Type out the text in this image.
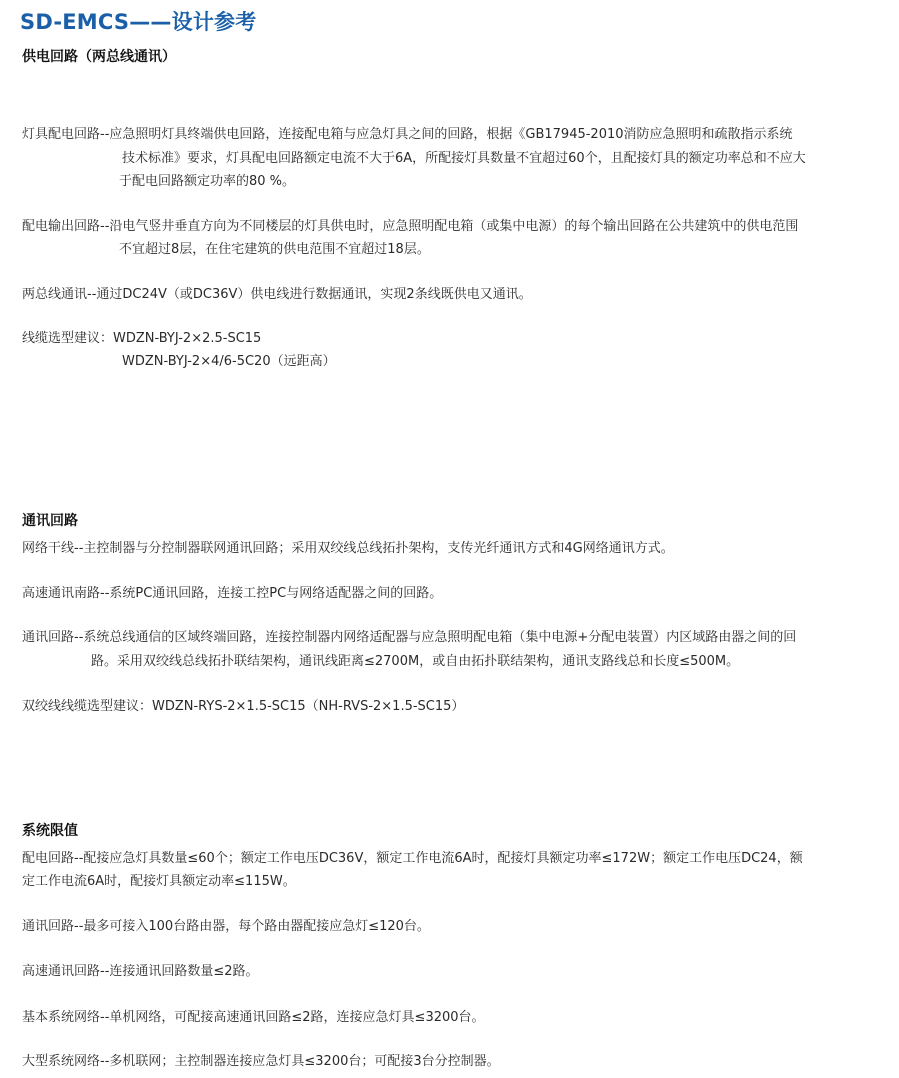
SD-EMCS——设计参考
供电回路（两总线通讯）
灯具配电回路--应急照明灯具终端供电回路，连接配电箱与应急灯具之间的回路，根据《GB17945-2010消防应急照明和疏散指示系统
技术标准》要求，灯具配电回路额定电流不大于6A，所配接灯具数量不宜超过60个，且配接灯具的额定功率总和不应大
于配电回路额定功率的80 %。
配电输出回路--沿电气竖井垂直方向为不同楼层的灯具供电时，应急照明配电箱（或集中电源）的每个输出回路在公共建筑中的供电范围
不宜超过8层，在住宅建筑的供电范围不宜超过18层。
两总线通讯--通过DC24V（或DC36V）供电线进行数据通讯，实现2条线既供电又通讯。
线缆选型建议：WDZN-BYJ-2×2.5-SC15
WDZN-BYJ-2×4/6-5C20（远距高）
通讯回路
网络干线--主控制器与分控制器联网通讯回路；采用双绞线总线拓扑架构，支传光纤通讯方式和4G网络通讯方式。
高速通讯南路--系统PC通讯回路，连接工控PC与网络适配器之间的回路。
通讯回路--系统总线通信的区域终端回路，连接控制器内网络适配器与应急照明配电箱（集中电源+分配电装置）内区域路由器之间的回
路。采用双绞线总线拓扑联结架构，通讯线距离≤2700M，或自由拓扑联结架构，通讯支路线总和长度≤500M。
双绞线线缆选型建议：WDZN-RYS-2×1.5-SC15（NH-RVS-2×1.5-SC15）
系统限值
配电回路--配接应急灯具数量≤60个；额定工作电压DC36V，额定工作电流6A时，配接灯具额定功率≤172W；额定工作电压DC24，额
定工作电流6A时，配接灯具额定动率≤115W。
通讯回路--最多可接入100台路由器，每个路由器配接应急灯≤120台。
高速通讯回路--连接通讯回路数量≤2路。
基本系统网络--单机网络，可配接高速通讯回路≤2路，连接应急灯具≤3200台。
大型系统网络--多机联网；主控制器连接应急灯具≤3200台；可配接3台分控制器。
